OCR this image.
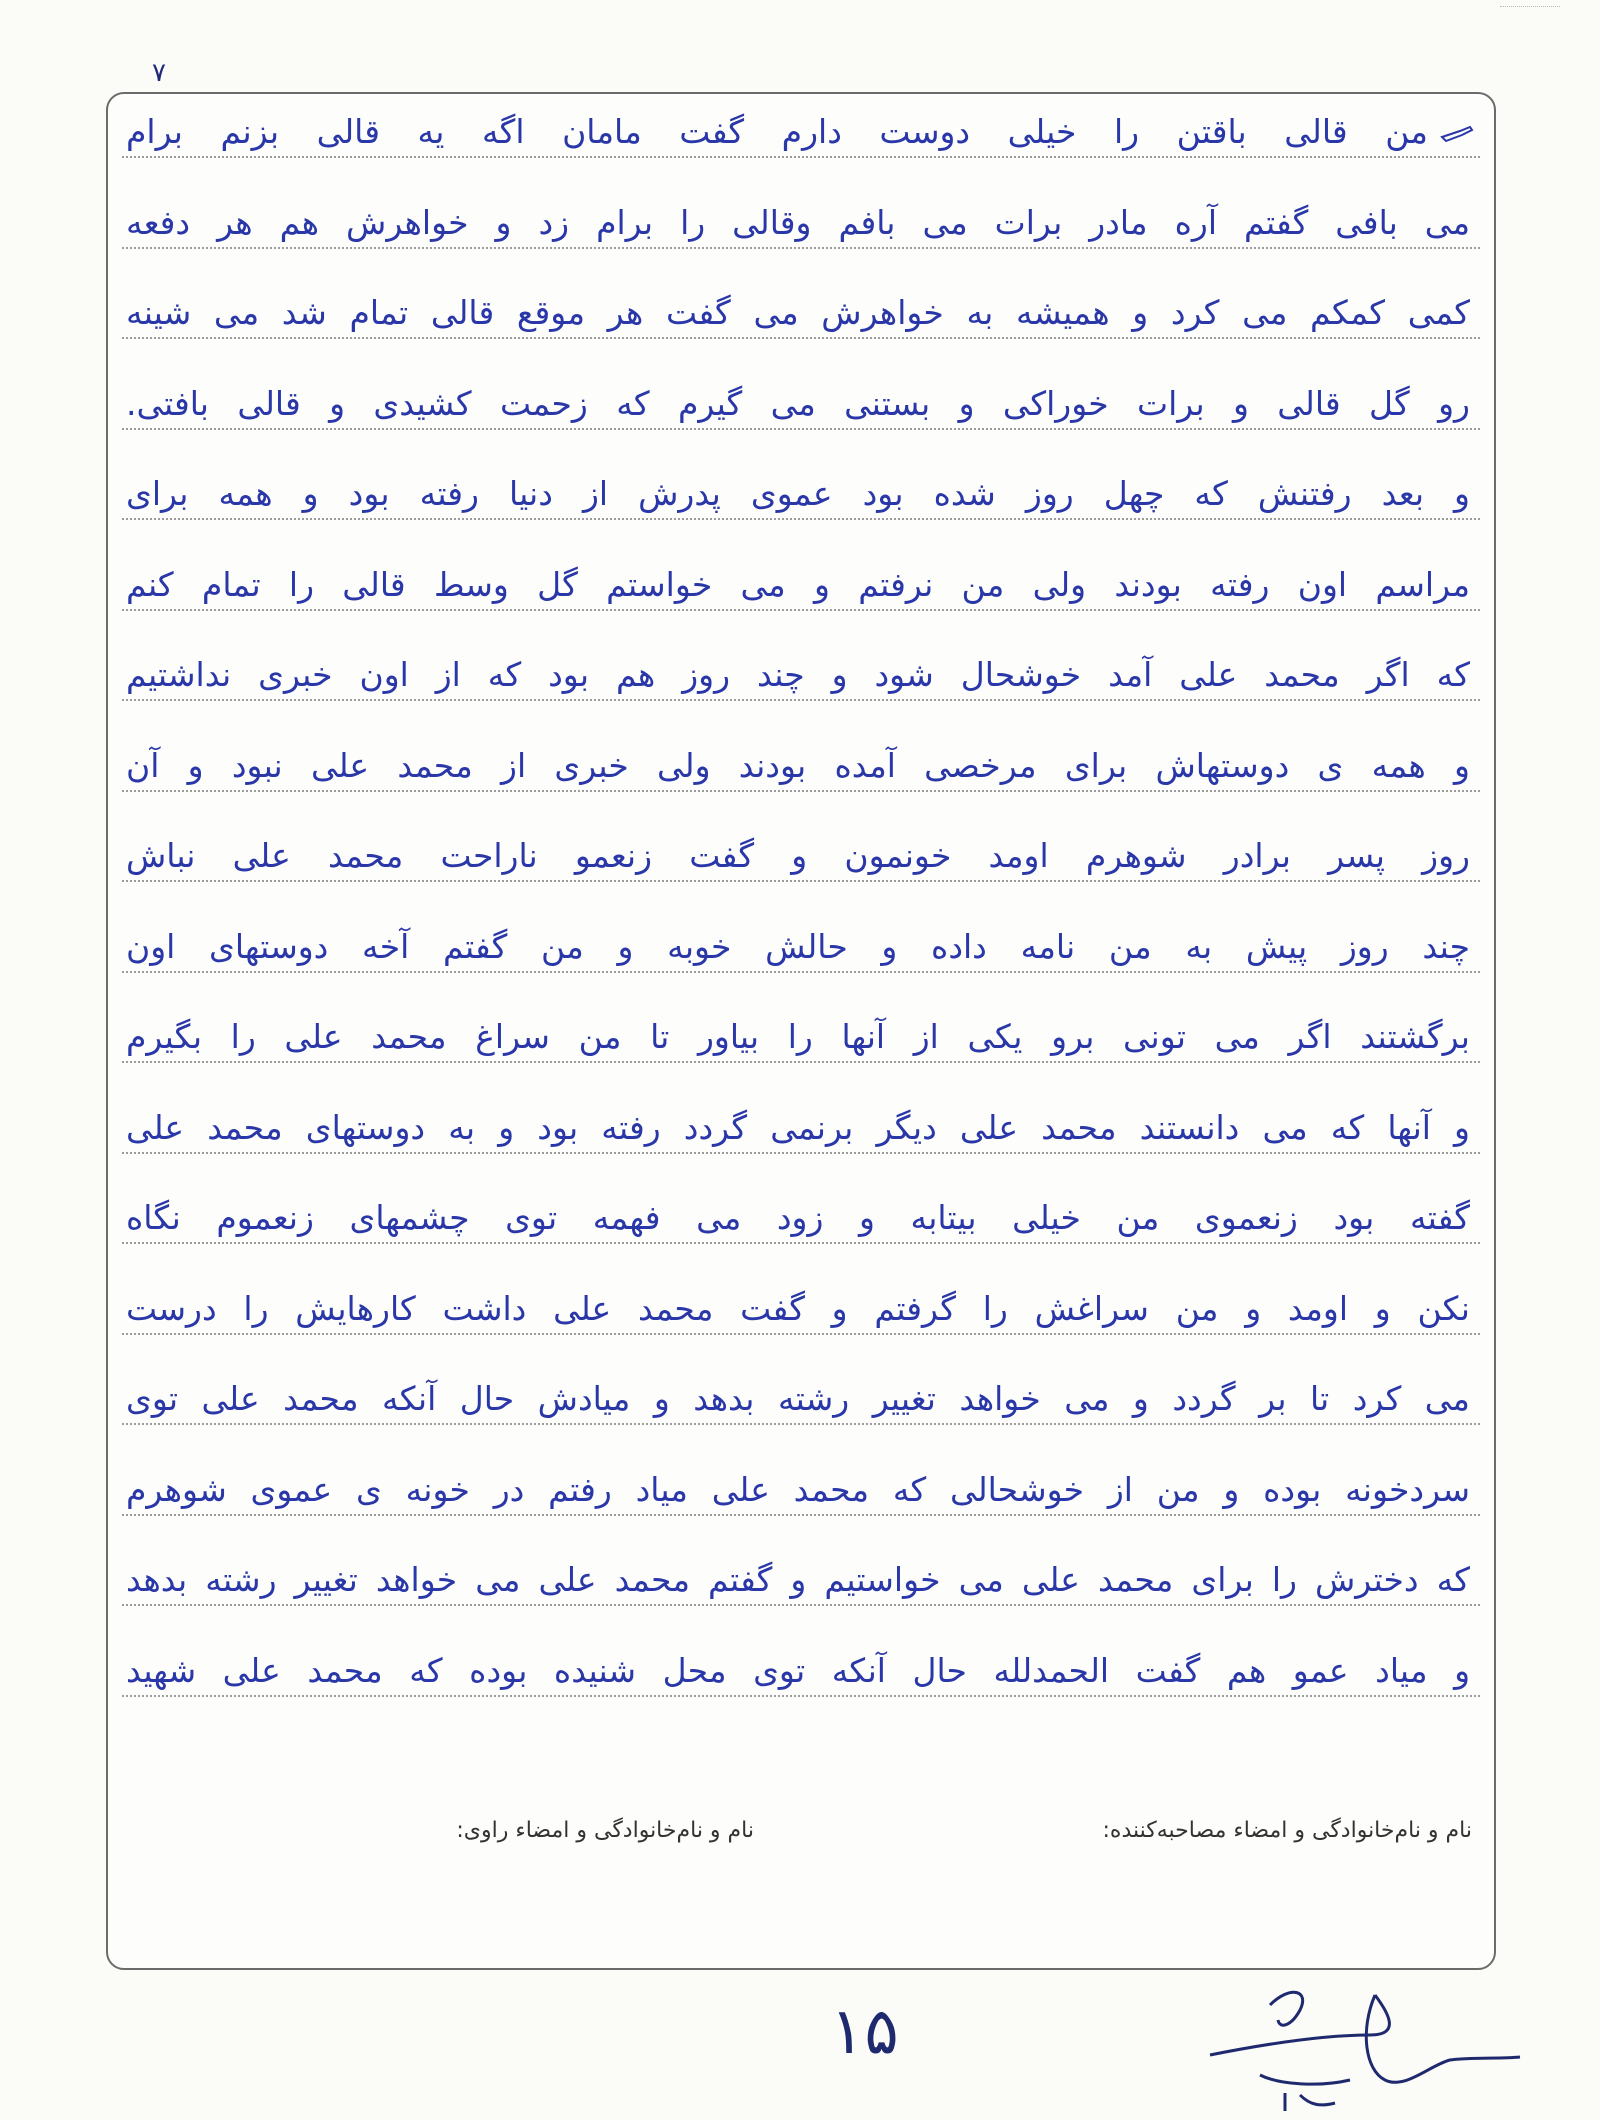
۷
من قالی باقتن را خیلی دوست دارم گفت مامان اگه یه قالی بزنم برام
می بافی گفتم آره مادر برات می بافم وقالی را برام زد و خواهرش هم هر دفعه
کمی کمکم می کرد و همیشه به خواهرش می گفت هر موقع قالی تمام شد می شینه
رو گل قالی و برات خوراکی و بستنی می گیرم که زحمت کشیدی و قالی بافتی.
و بعد رفتنش که چهل روز شده بود عموی پدرش از دنیا رفته بود و همه برای
مراسم اون رفته بودند ولی من نرفتم و می خواستم گل وسط قالی را تمام کنم
که اگر محمد علی آمد خوشحال شود و چند روز هم بود که از اون خبری نداشتیم
و همه ی دوستهاش برای مرخصی آمده بودند ولی خبری از محمد علی نبود و آن
روز پسر برادر شوهرم اومد خونمون و گفت زنعمو ناراحت محمد علی نباش
چند روز پیش به من نامه داده و حالش خوبه و من گفتم آخه دوستهای اون
برگشتند اگر می تونی برو یکی از آنها را بیاور تا من سراغ محمد علی را بگیرم
و آنها که می دانستند محمد علی دیگر برنمی گردد رفته بود و به دوستهای محمد علی
گفته بود زنعموی من خیلی بیتابه و زود می فهمه توی چشمهای زنعموم نگاه
نکن و اومد و من سراغش را گرفتم و گفت محمد علی داشت کارهایش را درست
می کرد تا بر گردد و می خواهد تغییر رشته بدهد و میادش حال آنکه محمد علی توی
سردخونه بوده و من از خوشحالی که محمد علی میاد رفتم در خونه ی عموی شوهرم
که دخترش را برای محمد علی می خواستیم و گفتم محمد علی می خواهد تغییر رشته بدهد
و میاد عمو هم گفت الحمدلله حال آنکه توی محل شنیده بوده که محمد علی شهید
نام و نام‌خانوادگی و امضاء مصاحبه‌کننده:
نام و نام‌خانوادگی و امضاء راوی:
۱۵
